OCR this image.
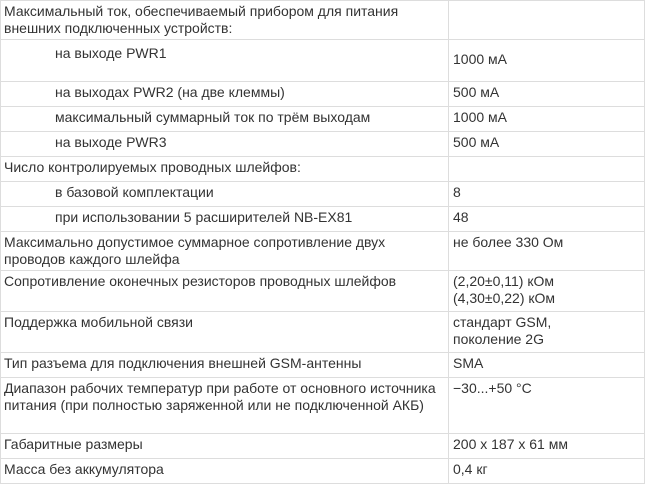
Максимальный ток, обеспечиваемый прибором для питания внешних подключенных устройств:	
на выходе PWR1	1000 мА
на выходах PWR2 (на две клеммы)	500 мА
максимальный суммарный ток по трём выходам	1000 мА
на выходе PWR3	500 мА
Число контролируемых проводных шлейфов:	
в базовой комплектации	8
при использовании 5 расширителей NB-EX81	48
Максимально допустимое суммарное сопротивление двух проводов каждого шлейфа	не более 330 Ом
Сопротивление оконечных резисторов проводных шлейфов	(2,20±0,11) кОм
(4,30±0,22) кОм
Поддержка мобильной связи	стандарт GSM,
поколение 2G
Тип разъема для подключения внешней GSM-антенны	SMA
Диапазон рабочих температур при работе от основного источника питания (при полностью заряженной или не подключенной АКБ)	−30...+50 °С
Габаритные размеры	200 х 187 х 61 мм
Масса без аккумулятора	0,4 кг
